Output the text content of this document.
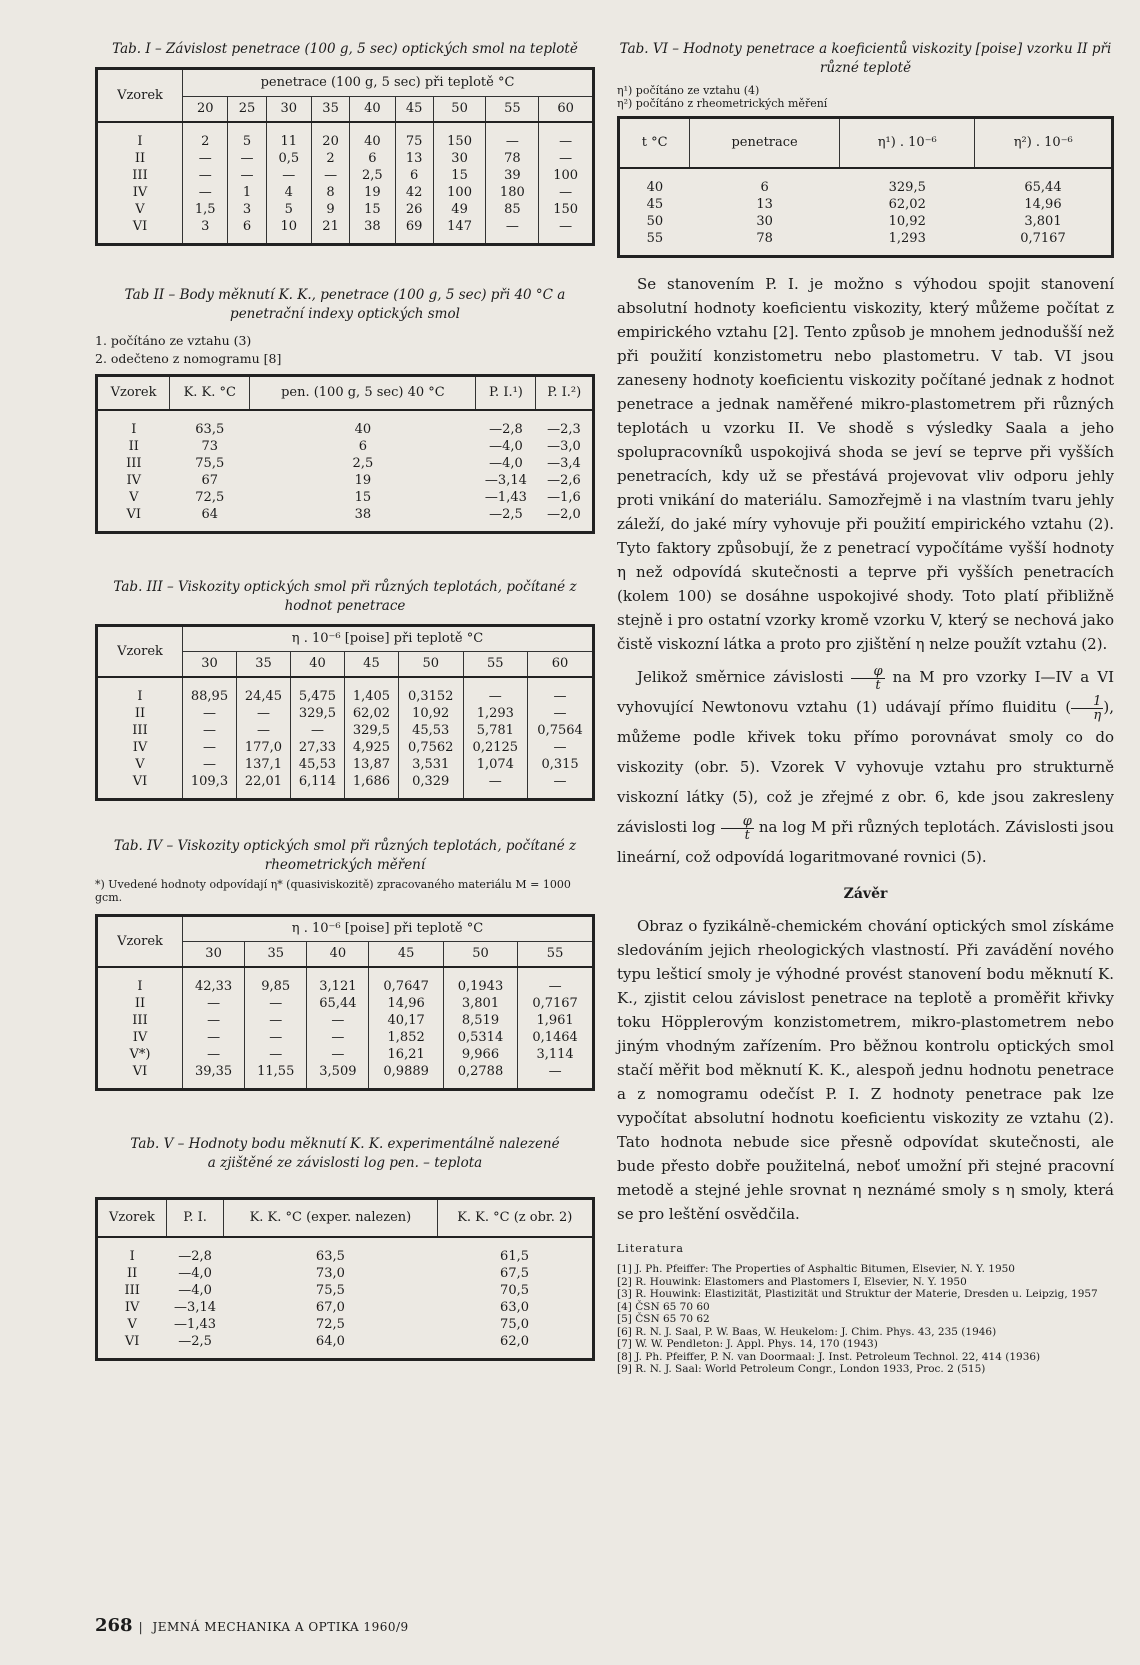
Tab. I – Závislost penetrace (100 g, 5 sec) optických smol na teplotě

Vzorek	penetrace (100 g, 5 sec) při teplotě °C								
	20	25	30	35	40	45	50	55	60
I	2	5	11	20	40	75	150	—	—
II	—	—	0,5	2	6	13	30	78	—
III	—	—	—	—	2,5	6	15	39	100
IV	—	1	4	8	19	42	100	180	—
V	1,5	3	5	9	15	26	49	85	150
VI	3	6	10	21	38	69	147	—	—

Tab II – Body měknutí K. K., penetrace (100 g, 5 sec) při 40 °C a penetrační indexy optických smol

1. počítáno ze vztahu (3)
2. odečteno z nomogramu [8]
Vzorek	K. K. °C	pen. (100 g, 5 sec) 40 °C	P. I.¹)	P. I.²)
I	63,5	40	—2,8	—2,3
II	73	6	—4,0	—3,0
III	75,5	2,5	—4,0	—3,4
IV	67	19	—3,14	—2,6
V	72,5	15	—1,43	—1,6
VI	64	38	—2,5	—2,0

Tab. III – Viskozity optických smol při různých teplotách, počítané z hodnot penetrace

Vzorek	η . 10⁻⁶ [poise] při teplotě °C						
	30	35	40	45	50	55	60
I	88,95	24,45	5,475	1,405	0,3152	—	—
II	—	—	329,5	62,02	10,92	1,293	—
III	—	—	—	329,5	45,53	5,781	0,7564
IV	—	177,0	27,33	4,925	0,7562	0,2125	—
V	—	137,1	45,53	13,87	3,531	1,074	0,315
VI	109,3	22,01	6,114	1,686	0,329	—	—

Tab. IV – Viskozity optických smol při různých teplotách, počítané z rheometrických měření

*) Uvedené hodnoty odpovídají η* (quasiviskozitě) zpracovaného materiálu M = 1000 gcm.
Vzorek	η . 10⁻⁶ [poise] při teplotě °C					
	30	35	40	45	50	55
I	42,33	9,85	3,121	0,7647	0,1943	—
II	—	—	65,44	14,96	3,801	0,7167
III	—	—	—	40,17	8,519	1,961
IV	—	—	—	1,852	0,5314	0,1464
V*)	—	—	—	16,21	9,966	3,114
VI	39,35	11,55	3,509	0,9889	0,2788	—

Tab. V – Hodnoty bodu měknutí K. K. experimentálně nalezené a zjištěné ze závislosti log pen. – teplota

Vzorek	P. I.	K. K. °C (exper. nalezen)	K. K. °C (z obr. 2)
I	—2,8	63,5	61,5
II	—4,0	73,0	67,5
III	—4,0	75,5	70,5
IV	—3,14	67,0	63,0
V	—1,43	72,5	75,0
VI	—2,5	64,0	62,0

Tab. VI – Hodnoty penetrace a koeficientů viskozity [poise] vzorku II při různé teplotě

η¹) počítáno ze vztahu (4)
η²) počítáno z rheometrických měření
t °C	penetrace	η¹) . 10⁻⁶	η²) . 10⁻⁶
40	6	329,5	65,44
45	13	62,02	14,96
50	30	10,92	3,801
55	78	1,293	0,7167

Se stanovením P. I. je možno s výhodou spojit stanovení absolutní hodnoty koeficientu viskozity, který můžeme počítat z empirického vztahu [2]. Tento způsob je mnohem jednodušší než při použití konzistometru nebo plastometru. V tab. VI jsou zaneseny hodnoty koeficientu viskozity počítané jednak z hodnot penetrace a jednak naměřené mikro-plastometrem při různých teplotách u vzorku II. Ve shodě s výsledky Saala a jeho spolupracovníků uspokojivá shoda se jeví se teprve při vyšších penetracích, kdy už se přestává projevovat vliv odporu jehly proti vnikání do materiálu. Samozřejmě i na vlastním tvaru jehly záleží, do jaké míry vyhovuje při použití empirického vztahu (2). Tyto faktory způsobují, že z penetrací vypočítáme vyšší hodnoty η než odpovídá skutečnosti a teprve při vyšších penetracích (kolem 100) se dosáhne uspokojivé shody. Toto platí přibližně stejně i pro ostatní vzorky kromě vzorku V, který se nechová jako čistě viskozní látka a proto pro zjištění η nelze použít vztahu (2).

Jelikož směrnice závislosti $\frac{\varphi}{t}$ na M pro vzorky I—IV a VI vyhovující Newtonovu vztahu (1) udávají přímo fluiditu ( $\frac{1}{\eta}$ ), můžeme podle křivek toku přímo porovnávat smoly co do viskozity (obr. 5). Vzorek V vyhovuje vztahu pro strukturně viskozní látky (5), což je zřejmé z obr. 6, kde jsou zakresleny závislosti $\log \frac{\varphi}{t}$ na log M při různých teplotách. Závislosti jsou lineární, což odpovídá logaritmované rovnici (5).

Závěr

Obraz o fyzikálně-chemickém chování optických smol získáme sledováním jejich rheologických vlastností. Při zavádění nového typu lešticí smoly je výhodné provést stanovení bodu měknutí K. K., zjistit celou závislost penetrace na teplotě a proměřit křivky toku Höpplerovým konzistometrem, mikro-plastometrem nebo jiným vhodným zařízením. Pro běžnou kontrolu optických smol stačí měřit bod měknutí K. K., alespoň jednu hodnotu penetrace a z nomogramu odečíst P. I. Z hodnoty penetrace pak lze vypočítat absolutní hodnotu koeficientu viskozity ze vztahu (2). Tato hodnota nebude sice přesně odpovídat skutečnosti, ale bude přesto dobře použitelná, neboť umožní při stejné pracovní metodě a stejné jehle srovnat η neznámé smoly s η smoly, která se pro leštění osvědčila.

Literatura
[1] J. Ph. Pfeiffer: The Properties of Asphaltic Bitumen, Elsevier, N. Y. 1950
[2] R. Houwink: Elastomers and Plastomers I, Elsevier, N. Y. 1950
[3] R. Houwink: Elastizität, Plastizität und Struktur der Materie, Dresden u. Leipzig, 1957
[4] ČSN 65 70 60
[5] ČSN 65 70 62
[6] R. N. J. Saal, P. W. Baas, W. Heukelom: J. Chim. Phys. 43, 235 (1946)
[7] W. W. Pendleton: J. Appl. Phys. 14, 170 (1943)
[8] J. Ph. Pfeiffer, P. N. van Doormaal: J. Inst. Petroleum Technol. 22, 414 (1936)
[9] R. N. J. Saal: World Petroleum Congr., London 1933, Proc. 2 (515)
268 | JEMNÁ MECHANIKA A OPTIKA 1960/9
